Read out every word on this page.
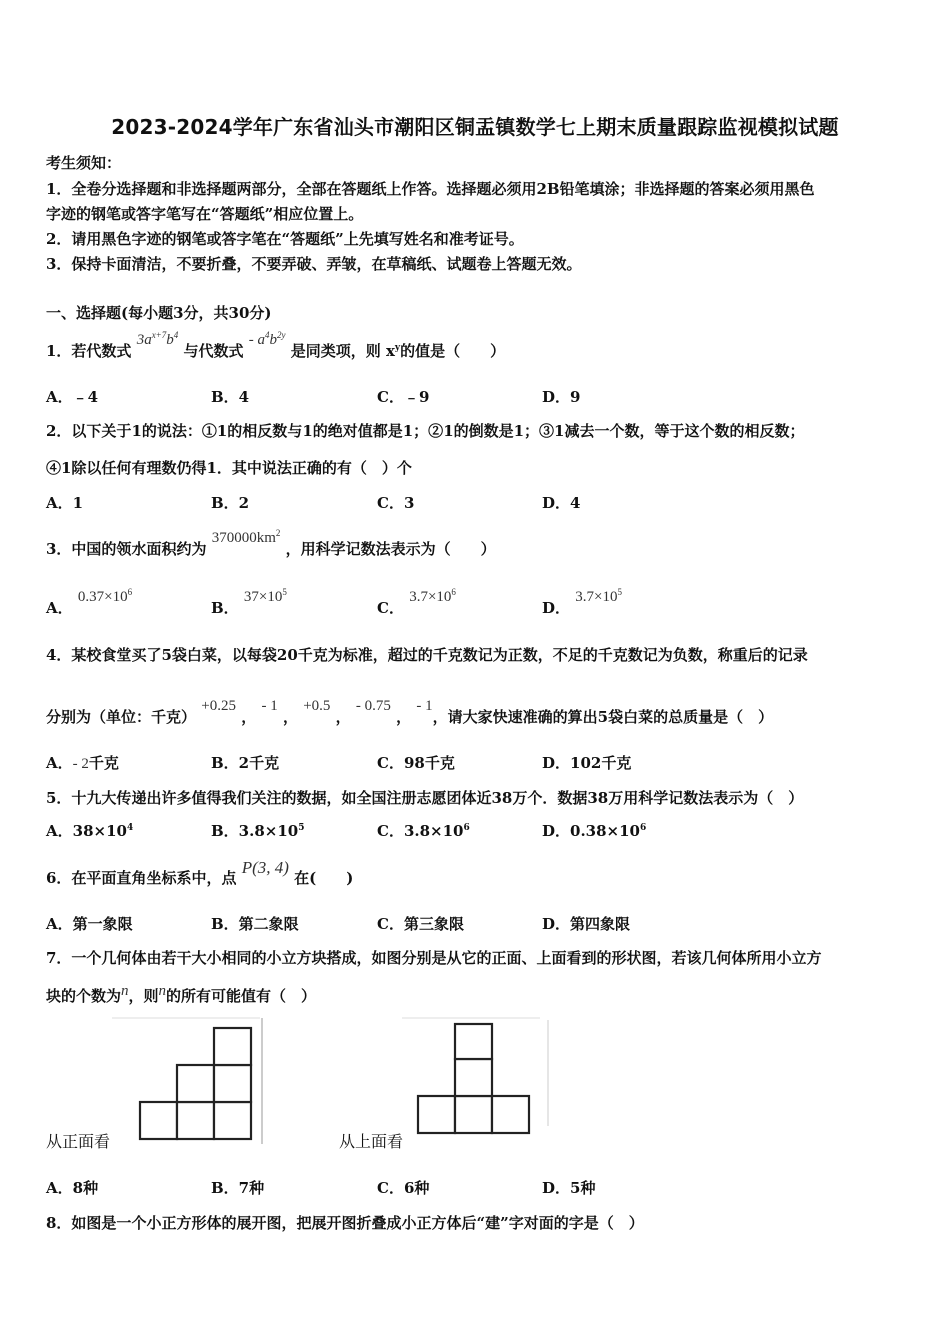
2023-2024学年广东省汕头市潮阳区铜盂镇数学七上期末质量跟踪监视模拟试题
考生须知：
1．全卷分选择题和非选择题两部分，全部在答题纸上作答。选择题必须用2B铅笔填涂；非选择题的答案必须用黑色
字迹的钢笔或答字笔写在“答题纸”相应位置上。
2．请用黑色字迹的钢笔或答字笔在“答题纸”上先填写姓名和准考证号。
3．保持卡面清洁，不要折叠，不要弄破、弄皱，在草稿纸、试题卷上答题无效。
一、选择题(每小题3分，共30分)
1．若代数式 $3a^{x+7}b^4$ 与代数式 - $a^4b^{2y}$ 是同类项，则 $x^y$的值是（　　）
A．﹣4	B．4	C．﹣9	D．9
2．以下关于1的说法：①1的相反数与1的绝对值都是1；②1的倒数是1；③1减去一个数，等于这个数的相反数；
④1除以任何有理数仍得1．其中说法正确的有（　）个
A．1	B．2	C．3	D．4
3．中国的领水面积约为 $370000km^2$ ，用科学记数法表示为（　　）
A． $0.37\times 10^6$
B． $37\times 10^5$
C． $3.7\times 10^6$
D． $3.7\times 10^5$
4．某校食堂买了5袋白菜，以每袋20千克为标准，超过的千克数记为正数，不足的千克数记为负数，称重后的记录
分别为（单位：千克） +0.25 ， - 1 ， +0.5 ， - 0.75 ， - 1，请大家快速准确的算出5袋白菜的总质量是（　）
A．- 2千克	B．2千克	C．98千克	D．102千克
5．十九大传递出许多值得我们关注的数据，如全国注册志愿团体近38万个．数据38万用科学记数法表示为（　）
A．$38\times 10^4$	B．$3.8\times 10^5$	C．$3.8\times 10^6$	D．$0.38\times 10^6$
6．在平面直角坐标系中，点 P(3, 4) 在(　　)
A．第一象限	B．第二象限	C．第三象限	D．第四象限
7．一个几何体由若干大小相同的小立方块搭成，如图分别是从它的正面、上面看到的形状图，若该几何体所用小立方
块的个数为n，则n的所有可能值有（　）
从正面看	从上面看
A．8种	B．7种	C．6种	D．5种
8．如图是一个小正方形体的展开图，把展开图折叠成小正方体后“建”字对面的字是（　）
